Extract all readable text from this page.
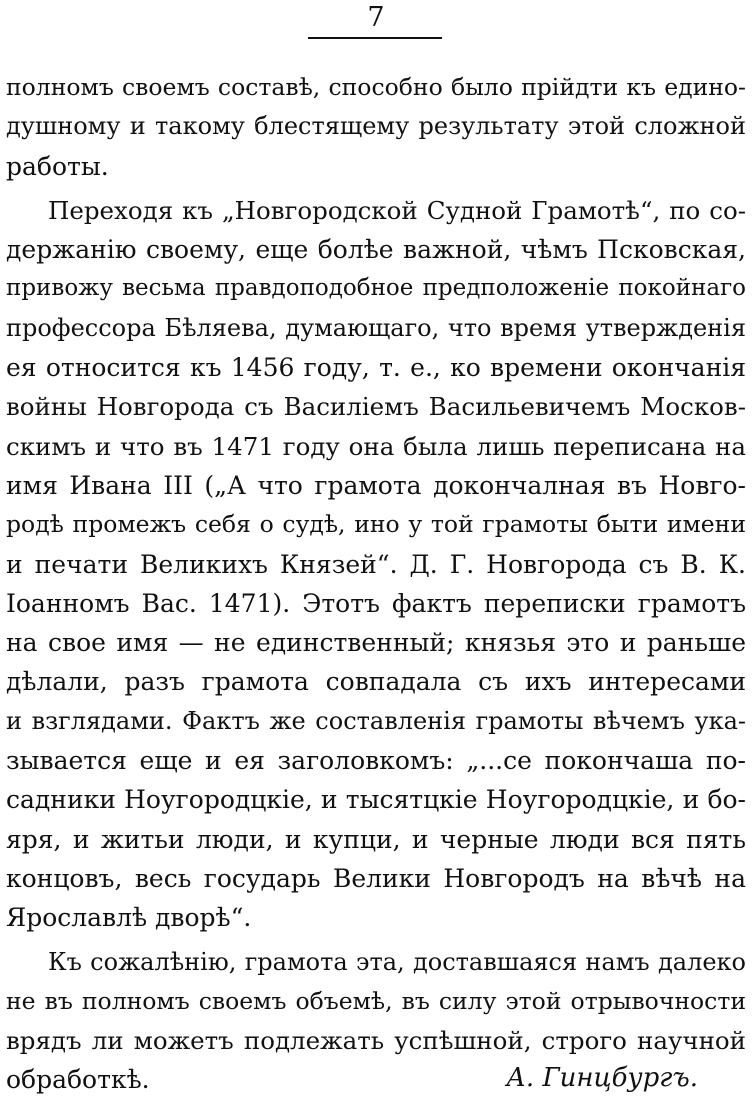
7
полномъ своемъ составѣ, способно было прійдти къ едино-
душному и такому блестящему результату этой сложной
работы.
Переходя къ „Новгородской Судной Грамотѣ“, по со-
держанію своему, еще болѣе важной, чѣмъ Псковская,
привожу весьма правдоподобное предположеніе покойнаго
профессора Бѣляева, думающаго, что время утвержденія
ея относится къ 1456 году, т. е., ко времени окончанія
войны Новгорода съ Василіемъ Васильевичемъ Москов-
скимъ и что въ 1471 году она была лишь переписана на
имя Ивана III („А что грамота докончалная въ Новго-
родѣ промежъ себя о судѣ, ино у той грамоты быти имени
и печати Великихъ Князей“. Д. Г. Новгорода съ В. К.
Іоанномъ Вас. 1471). Этотъ фактъ переписки грамотъ
на свое имя — не единственный; князья это и раньше
дѣлали, разъ грамота совпадала съ ихъ интересами
и взглядами. Фактъ же составленія грамоты вѣчемъ ука-
зывается еще и ея заголовкомъ: „...се покончаша по-
садники Ноугородцкіе, и тысятцкіе Ноугородцкіе, и бо-
яря, и житьи люди, и купци, и черные люди вся пять
концовъ, весь государь Велики Новгородъ на вѣчѣ на
Ярославлѣ дворѣ“.
Къ сожалѣнію, грамота эта, доставшаяся намъ далеко
не въ полномъ своемъ объемѣ, въ силу этой отрывочности
врядъ ли можетъ подлежать успѣшной, строго научной
обработкѣ.	А. Гинцбургъ.
